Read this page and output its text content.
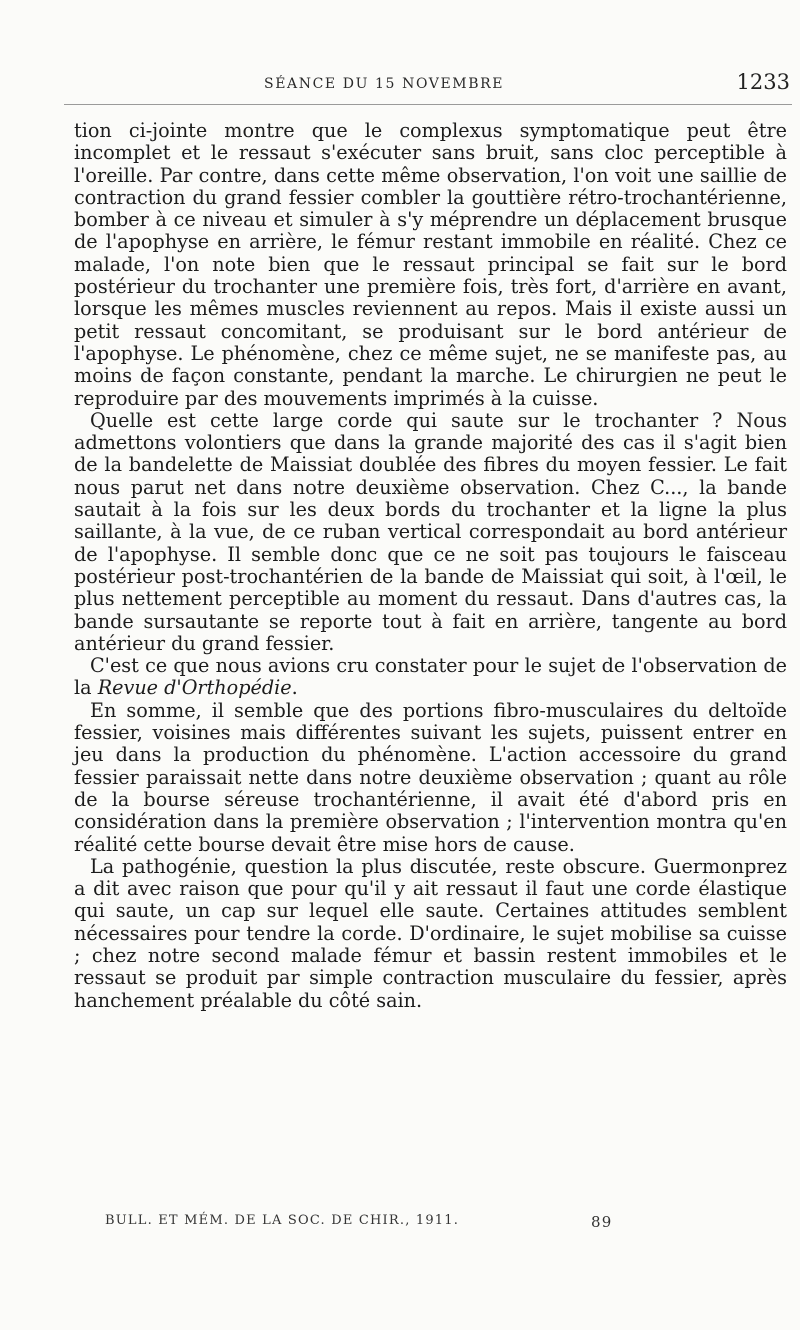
SÉANCE DU 15 NOVEMBRE	1233

tion ci-jointe montre que le complexus symptomatique peut être incomplet et le ressaut s'exécuter sans bruit, sans cloc perceptible à l'oreille. Par contre, dans cette même observation, l'on voit une saillie de contraction du grand fessier combler la gouttière rétro-trochantérienne, bomber à ce niveau et simuler à s'y méprendre un déplacement brusque de l'apophyse en arrière, le fémur restant immobile en réalité. Chez ce malade, l'on note bien que le ressaut principal se fait sur le bord postérieur du trochanter une première fois, très fort, d'arrière en avant, lorsque les mêmes muscles reviennent au repos. Mais il existe aussi un petit ressaut concomitant, se produisant sur le bord antérieur de l'apophyse. Le phénomène, chez ce même sujet, ne se manifeste pas, au moins de façon constante, pendant la marche. Le chirurgien ne peut le reproduire par des mouvements imprimés à la cuisse.

Quelle est cette large corde qui saute sur le trochanter ? Nous admettons volontiers que dans la grande majorité des cas il s'agit bien de la bandelette de Maissiat doublée des fibres du moyen fessier. Le fait nous parut net dans notre deuxième observation. Chez C..., la bande sautait à la fois sur les deux bords du trochanter et la ligne la plus saillante, à la vue, de ce ruban vertical correspondait au bord antérieur de l'apophyse. Il semble donc que ce ne soit pas toujours le faisceau postérieur post-trochantérien de la bande de Maissiat qui soit, à l'œil, le plus nettement perceptible au moment du ressaut. Dans d'autres cas, la bande sursautante se reporte tout à fait en arrière, tangente au bord antérieur du grand fessier.

C'est ce que nous avions cru constater pour le sujet de l'observation de la Revue d'Orthopédie.

En somme, il semble que des portions fibro-musculaires du deltoïde fessier, voisines mais différentes suivant les sujets, puissent entrer en jeu dans la production du phénomène. L'action accessoire du grand fessier paraissait nette dans notre deuxième observation ; quant au rôle de la bourse séreuse trochantérienne, il avait été d'abord pris en considération dans la première observation ; l'intervention montra qu'en réalité cette bourse devait être mise hors de cause.

La pathogénie, question la plus discutée, reste obscure. Guermonprez a dit avec raison que pour qu'il y ait ressaut il faut une corde élastique qui saute, un cap sur lequel elle saute. Certaines attitudes semblent nécessaires pour tendre la corde. D'ordinaire, le sujet mobilise sa cuisse ; chez notre second malade fémur et bassin restent immobiles et le ressaut se produit par simple contraction musculaire du fessier, après hanchement préalable du côté sain.

BULL. ET MÉM. DE LA SOC. DE CHIR., 1911.	89
